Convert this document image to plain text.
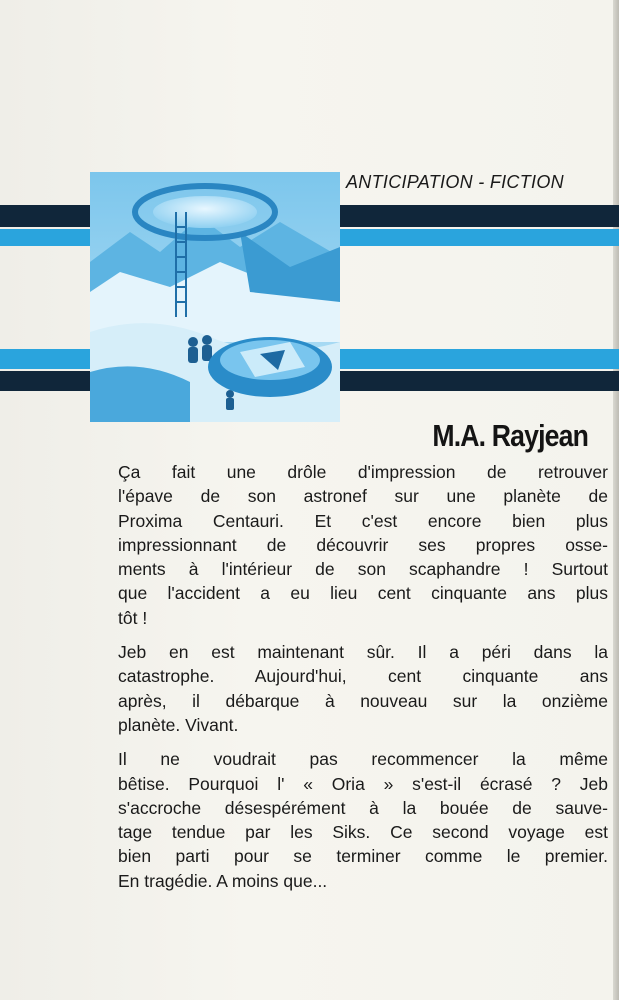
ANTICIPATION - FICTION
M.A. Rayjean

Ça fait une drôle d'impression de retrouver
l'épave de son astronef sur une planète de
Proxima Centauri. Et c'est encore bien plus
impressionnant de découvrir ses propres osse-
ments à l'intérieur de son scaphandre ! Surtout
que l'accident a eu lieu cent cinquante ans plus
tôt !

Jeb en est maintenant sûr. Il a péri dans la
catastrophe. Aujourd'hui, cent cinquante ans
après, il débarque à nouveau sur la onzième
planète. Vivant.

Il ne voudrait pas recommencer la même
bêtise. Pourquoi l' « Oria » s'est-il écrasé ? Jeb
s'accroche désespérément à la bouée de sauve-
tage tendue par les Siks. Ce second voyage est
bien parti pour se terminer comme le premier.
En tragédie. A moins que...
